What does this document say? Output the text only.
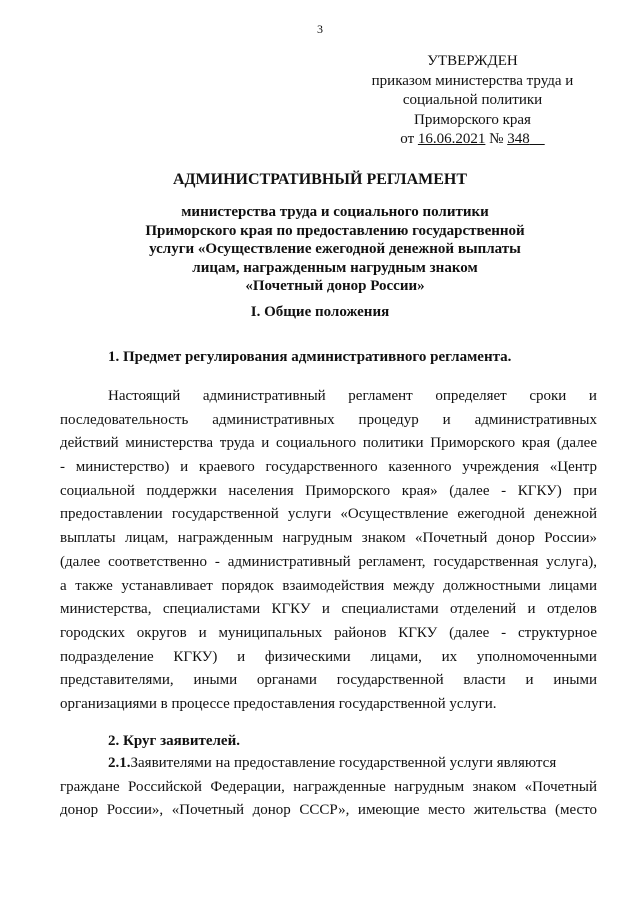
3
УТВЕРЖДЕН
приказом министерства труда и
социальной политики
Приморского края
от 16.06.2021 № 348
АДМИНИСТРАТИВНЫЙ РЕГЛАМЕНТ
министерства труда и социального политики
Приморского края по предоставлению государственной
услуги «Осуществление ежегодной денежной выплаты
лицам, награжденным нагрудным знаком
«Почетный донор России»
I. Общие положения
1. Предмет регулирования административного регламента.
Настоящий административный регламент определяет сроки и
последовательность административных процедур и административных
действий министерства труда и социального политики Приморского края (далее
- министерство) и краевого государственного казенного учреждения «Центр
социальной поддержки населения Приморского края» (далее - КГКУ) при
предоставлении государственной услуги «Осуществление ежегодной денежной
выплаты лицам, награжденным нагрудным знаком «Почетный донор России»
(далее соответственно - административный регламент, государственная услуга),
а также устанавливает порядок взаимодействия между должностными лицами
министерства, специалистами КГКУ и специалистами отделений и отделов
городских округов и муниципальных районов КГКУ (далее - структурное
подразделение КГКУ) и физическими лицами, их уполномоченными
представителями, иными органами государственной власти и иными
организациями в процессе предоставления государственной услуги.
2. Круг заявителей.
2.1. Заявителями на предоставление государственной услуги являются
граждане Российской Федерации, награжденные нагрудным знаком «Почетный
донор России», «Почетный донор СССР», имеющие место жительства (место
